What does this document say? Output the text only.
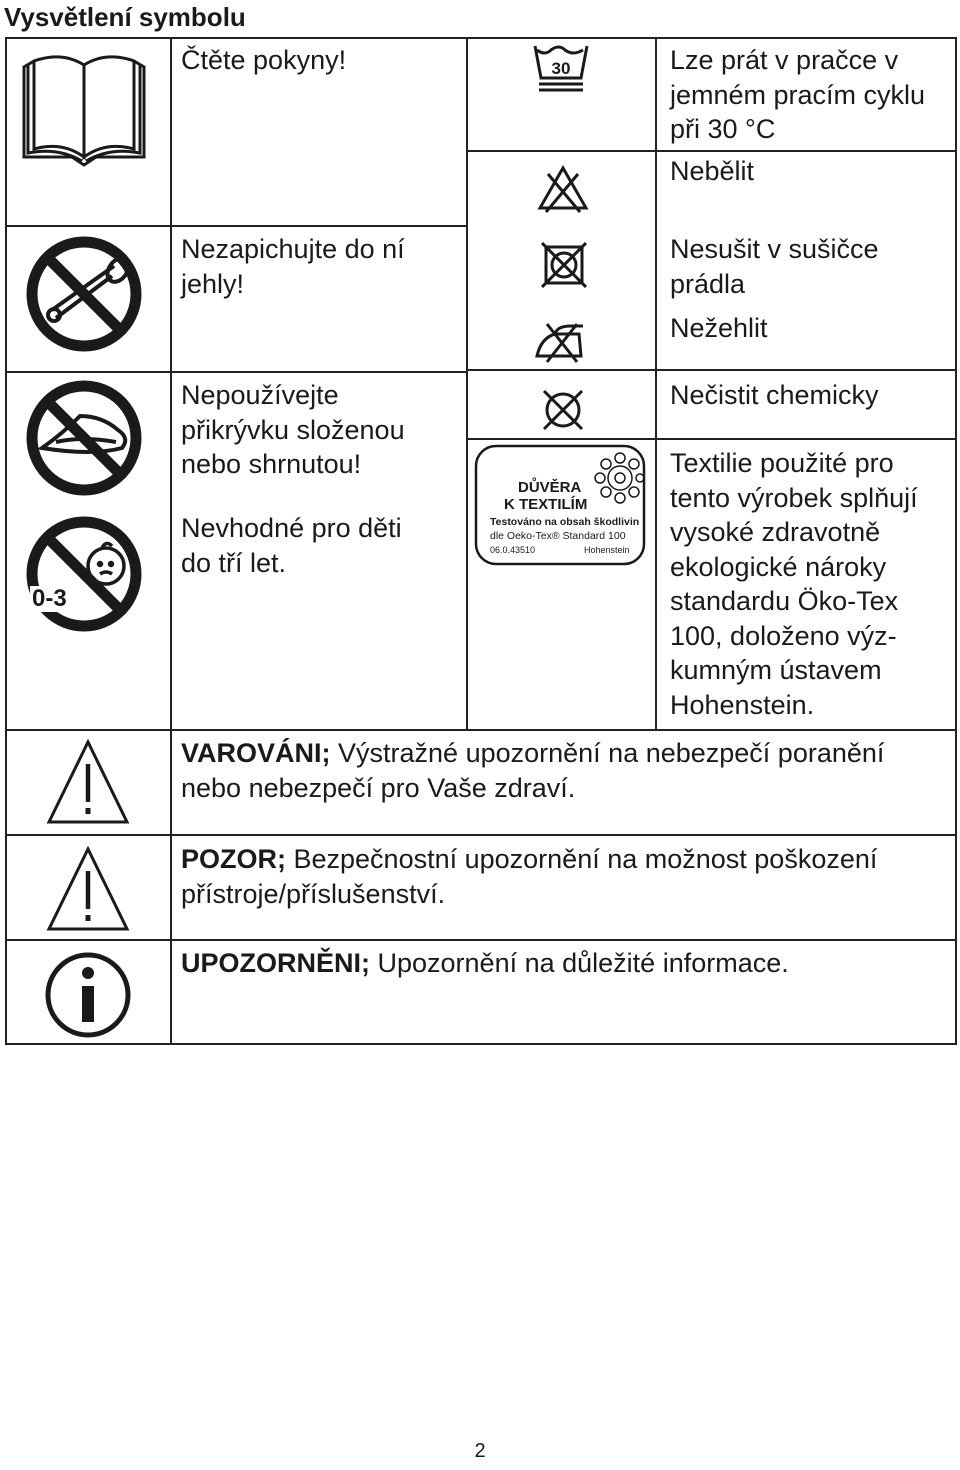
Vysvětlení symbolu
0-3
Čtěte pokyny!
Nezapichujte do ní
jehly!
Nepoužívejte
přikrývku složenou
nebo shrnutou!
Nevhodné pro děti
do tří let.
30
DŮVĚRA
K TEXTILÍM
Testováno na obsah škodlivin
dle Oeko-Tex® Standard 100
06.0.43510	Hohenstein
Lze prát v pračce v
jemném pracím cyklu
při 30 °C
Nebělit
Nesušit v sušičce
prádla
Nežehlit
Nečistit chemicky
Textilie použité pro
tento výrobek splňují
vysoké zdravotně
ekologické nároky
standardu Öko-Tex
100, doloženo výz-
kumným ústavem
Hohenstein.
VAROVÁNI; Výstražné upozornění na nebezpečí poranění
nebo nebezpečí pro Vaše zdraví.
POZOR; Bezpečnostní upozornění na možnost poškození
přístroje/příslušenství.
UPOZORNĚNI; Upozornění na důležité informace.
2
